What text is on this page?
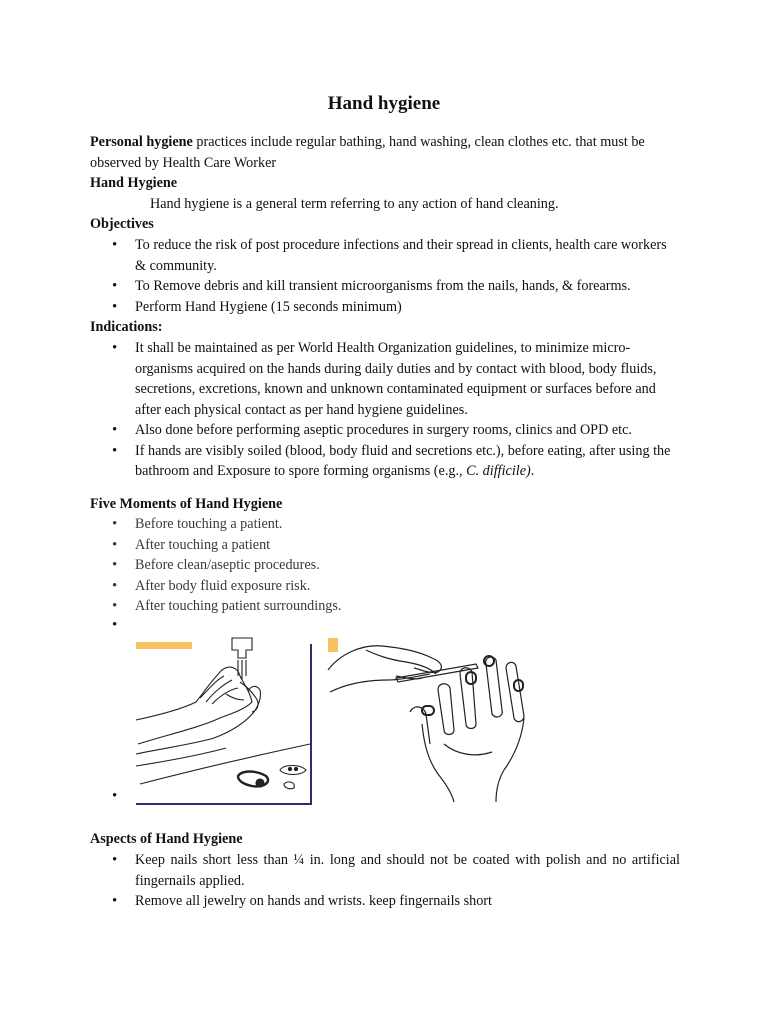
Hand hygiene
Personal hygiene practices include regular bathing, hand washing, clean clothes etc. that must be observed by Health Care Worker
Hand Hygiene
Hand hygiene is a general term referring to any action of hand cleaning.
Objectives
• To reduce the risk of post procedure infections and their spread in clients, health care workers & community.
• To Remove debris and kill transient microorganisms from the nails, hands, & forearms.
• Perform Hand Hygiene (15 seconds minimum)
Indications:
• It shall be maintained as per World Health Organization guidelines, to minimize micro-organisms acquired on the hands during daily duties and by contact with blood, body fluids, secretions, excretions, known and unknown contaminated equipment or surfaces before and after each physical contact as per hand hygiene guidelines.
• Also done before performing aseptic procedures in surgery rooms, clinics and OPD etc.
• If hands are visibly soiled (blood, body fluid and secretions etc.), before eating, after using the bathroom and Exposure to spore forming organisms (e.g., C. difficile).
Five Moments of Hand Hygiene
• Before touching a patient.
• After touching a patient
• Before clean/aseptic procedures.
• After body fluid exposure risk.
• After touching patient surroundings.
•
•
Aspects of Hand Hygiene
• Keep nails short less than ¼ in. long and should not be coated with polish and no artificial fingernails applied.
• Remove all jewelry on hands and wrists. keep fingernails short
